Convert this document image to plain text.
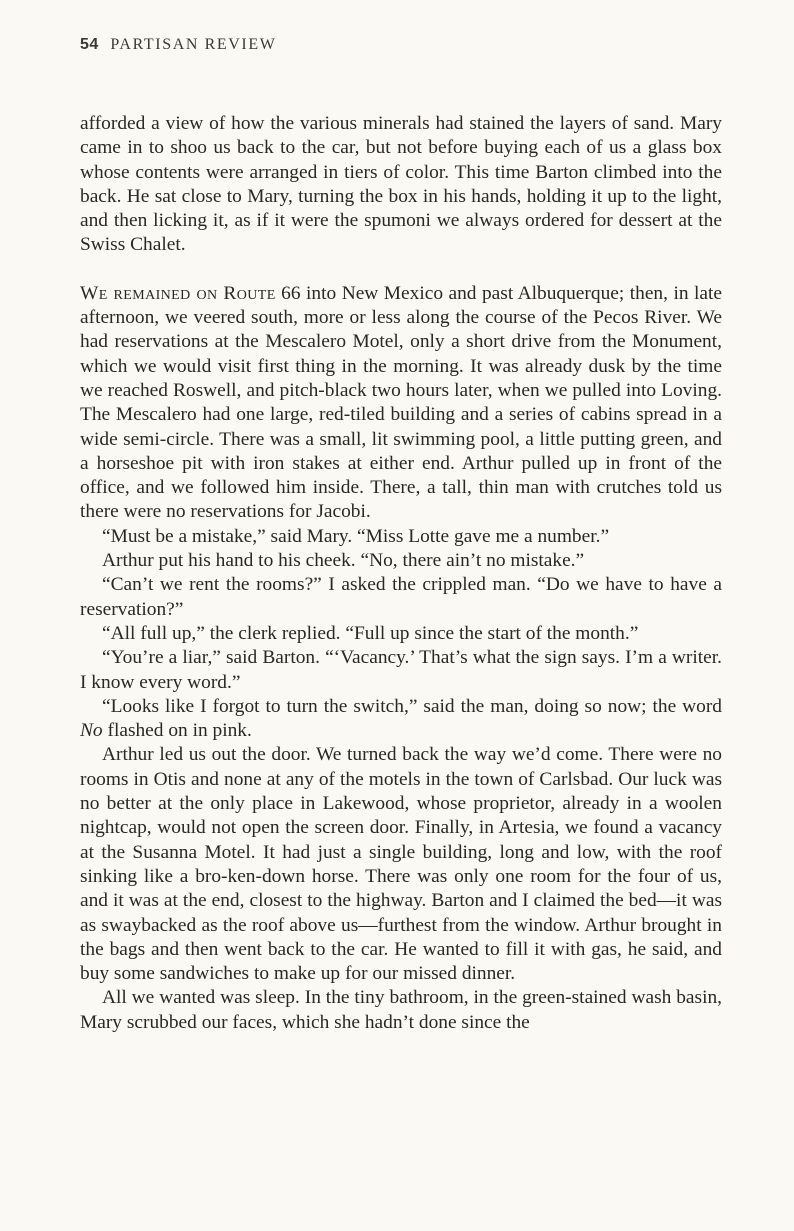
54 PARTISAN REVIEW

afforded a view of how the various minerals had stained the layers of sand. Mary came in to shoo us back to the car, but not before buying each of us a glass box whose contents were arranged in tiers of color. This time Barton climbed into the back. He sat close to Mary, turning the box in his hands, holding it up to the light, and then licking it, as if it were the spumoni we always ordered for dessert at the Swiss Chalet.

We remained on Route 66 into New Mexico and past Albuquerque; then, in late afternoon, we veered south, more or less along the course of the Pecos River. We had reservations at the Mescalero Motel, only a short drive from the Monument, which we would visit first thing in the morning. It was already dusk by the time we reached Roswell, and pitch-black two hours later, when we pulled into Loving. The Mescalero had one large, red-tiled building and a series of cabins spread in a wide semi-circle. There was a small, lit swimming pool, a little putting green, and a horseshoe pit with iron stakes at either end. Arthur pulled up in front of the office, and we followed him inside. There, a tall, thin man with crutches told us there were no reservations for Jacobi.

“Must be a mistake,” said Mary. “Miss Lotte gave me a number.”

Arthur put his hand to his cheek. “No, there ain’t no mistake.”

“Can’t we rent the rooms?” I asked the crippled man. “Do we have to have a reservation?”

“All full up,” the clerk replied. “Full up since the start of the month.”

“You’re a liar,” said Barton. “‘Vacancy.’ That’s what the sign says. I’m a writer. I know every word.”

“Looks like I forgot to turn the switch,” said the man, doing so now; the word No flashed on in pink.

Arthur led us out the door. We turned back the way we’d come. There were no rooms in Otis and none at any of the motels in the town of Carlsbad. Our luck was no better at the only place in Lakewood, whose proprietor, already in a woolen nightcap, would not open the screen door. Finally, in Artesia, we found a vacancy at the Susanna Motel. It had just a single building, long and low, with the roof sinking like a bro-ken-down horse. There was only one room for the four of us, and it was at the end, closest to the highway. Barton and I claimed the bed—it was as swaybacked as the roof above us—furthest from the window. Arthur brought in the bags and then went back to the car. He wanted to fill it with gas, he said, and buy some sandwiches to make up for our missed dinner.

All we wanted was sleep. In the tiny bathroom, in the green-stained wash basin, Mary scrubbed our faces, which she hadn’t done since the
